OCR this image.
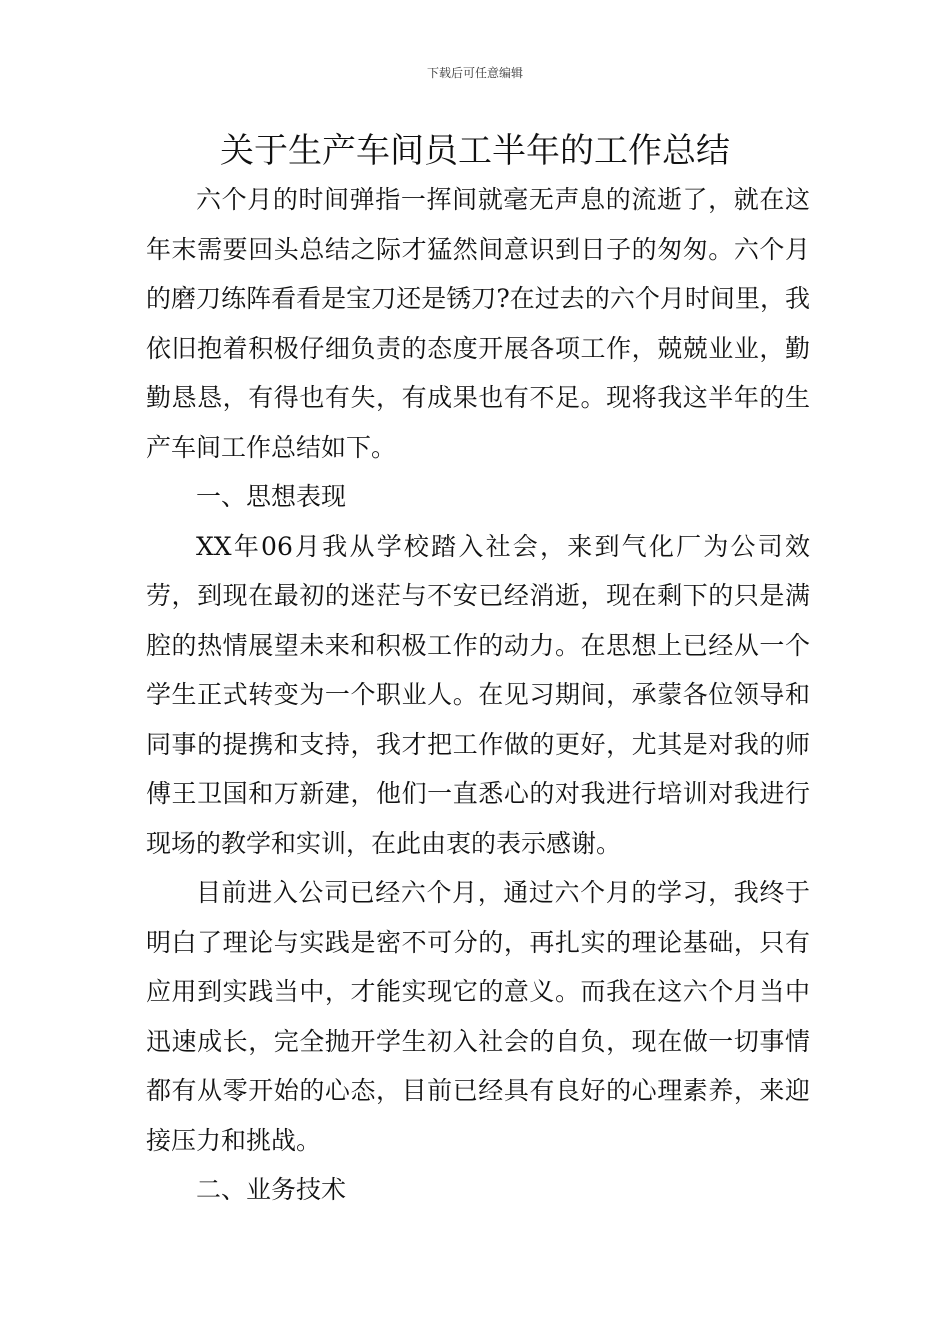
下载后可任意编辑
关于生产车间员工半年的工作总结

六个月的时间弹指一挥间就毫无声息的流逝了，就在这年末需要回头总结之际才猛然间意识到日子的匆匆。六个月的磨刀练阵看看是宝刀还是锈刀?在过去的六个月时间里，我依旧抱着积极仔细负责的态度开展各项工作，兢兢业业，勤勤恳恳，有得也有失，有成果也有不足。现将我这半年的生产车间工作总结如下。

一、思想表现

XX年06月我从学校踏入社会，来到气化厂为公司效劳，到现在最初的迷茫与不安已经消逝，现在剩下的只是满腔的热情展望未来和积极工作的动力。在思想上已经从一个学生正式转变为一个职业人。在见习期间，承蒙各位领导和同事的提携和支持，我才把工作做的更好，尤其是对我的师傅王卫国和万新建，他们一直悉心的对我进行培训对我进行现场的教学和实训，在此由衷的表示感谢。

目前进入公司已经六个月，通过六个月的学习，我终于明白了理论与实践是密不可分的，再扎实的理论基础，只有应用到实践当中，才能实现它的意义。而我在这六个月当中迅速成长，完全抛开学生初入社会的自负，现在做一切事情都有从零开始的心态，目前已经具有良好的心理素养，来迎接压力和挑战。

二、业务技术
